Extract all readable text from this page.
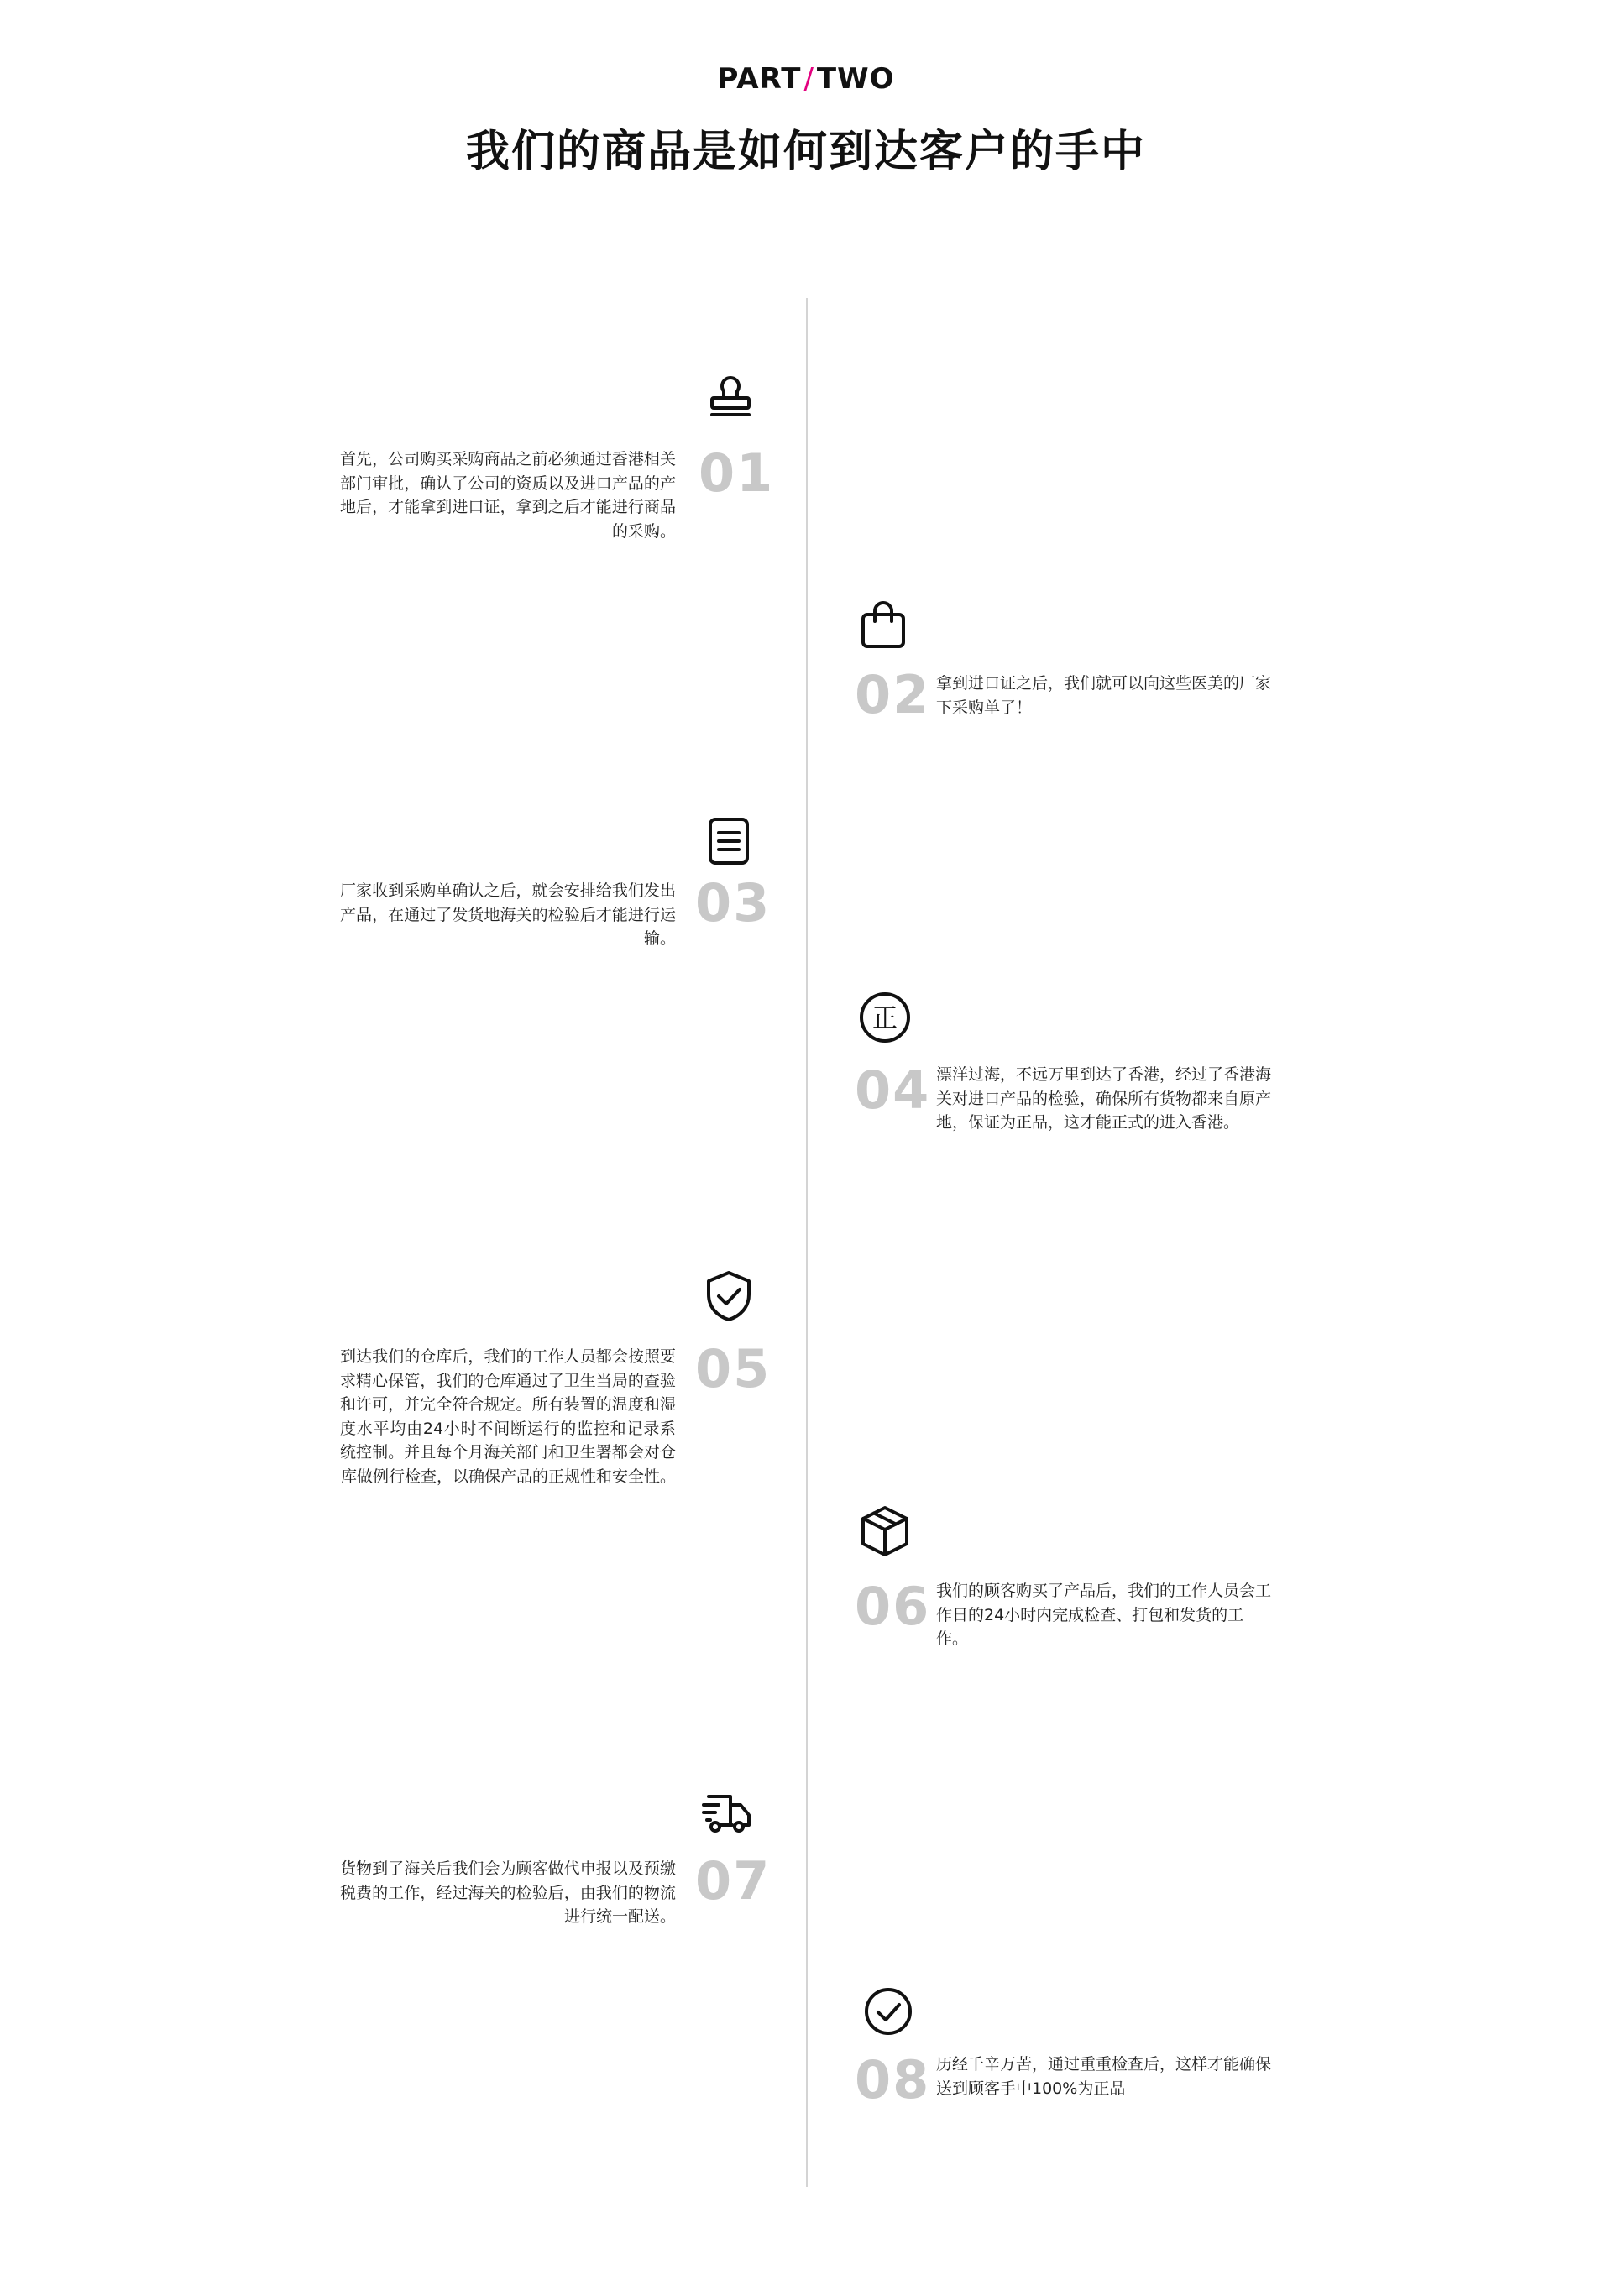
PART/TWO
我们的商品是如何到达客户的手中
01
首先，公司购买采购商品之前必须通过香港相关部门审批，确认了公司的资质以及进口产品的产地后，才能拿到进口证，拿到之后才能进行商品的采购。
02 拿到进口证之后，我们就可以向这些医美的厂家下采购单了！
03
厂家收到采购单确认之后，就会安排给我们发出产品，在通过了发货地海关的检验后才能进行运输。
正
04 漂洋过海，不远万里到达了香港，经过了香港海关对进口产品的检验，确保所有货物都来自原产地，保证为正品，这才能正式的进入香港。
05
到达我们的仓库后，我们的工作人员都会按照要求精心保管，我们的仓库通过了卫生当局的查验和许可，并完全符合规定。所有装置的温度和湿度水平均由24小时不间断运行的监控和记录系统控制。并且每个月海关部门和卫生署都会对仓库做例行检查，以确保产品的正规性和安全性。
06 我们的顾客购买了产品后，我们的工作人员会工作日的24小时内完成检查、打包和发货的工作。
07
货物到了海关后我们会为顾客做代申报以及预缴税费的工作，经过海关的检验后，由我们的物流进行统一配送。
08 历经千辛万苦，通过重重检查后，这样才能确保送到顾客手中100%为正品
